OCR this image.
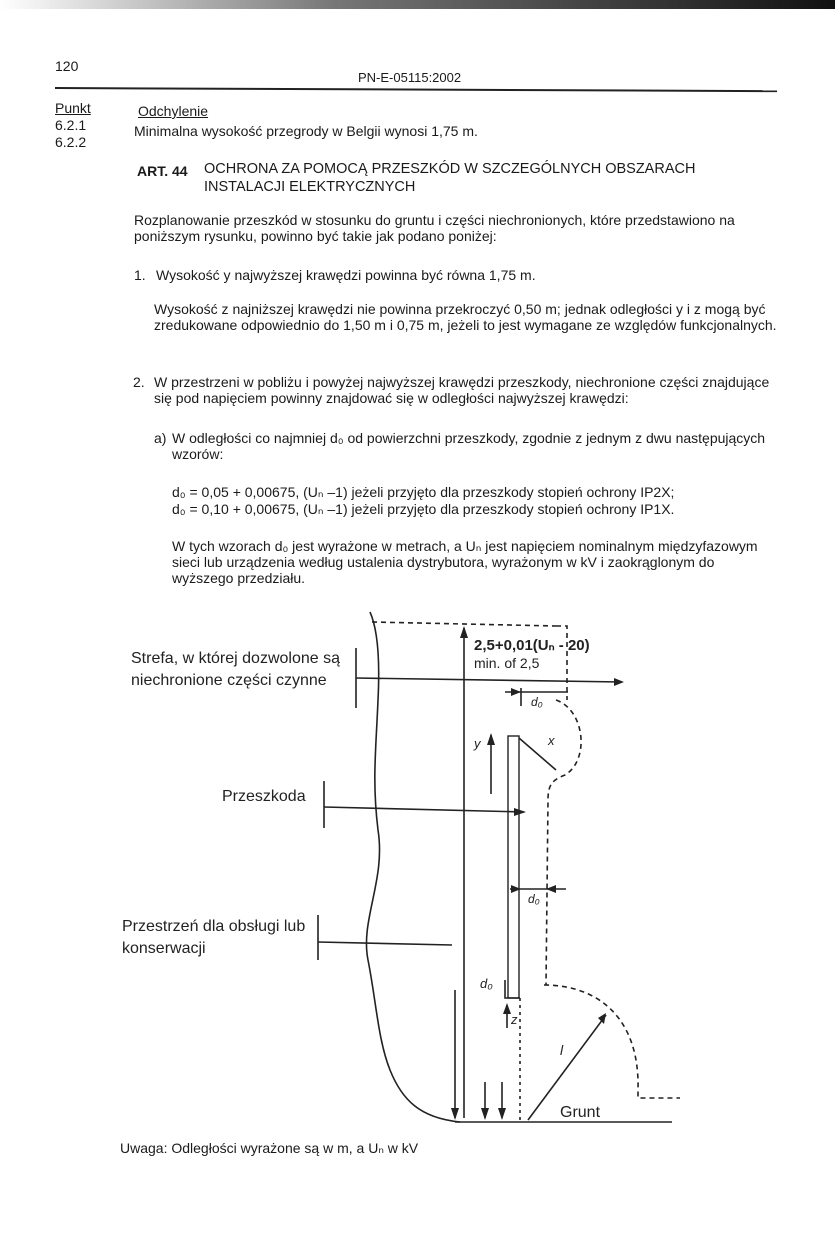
120
PN-E-05115:2002
Punkt
6.2.1
6.2.2
Odchylenie
Minimalna wysokość przegrody w Belgii wynosi 1,75 m.
ART. 44 OCHRONA ZA POMOCĄ PRZESZKÓD W SZCZEGÓLNYCH OBSZARACH INSTALACJI ELEKTRYCZNYCH
Rozplanowanie przeszkód w stosunku do gruntu i części niechronionych, które przedstawiono na poniższym rysunku, powinno być takie jak podano poniżej:
1. Wysokość y najwyższej krawędzi powinna być równa 1,75 m.
Wysokość z najniższej krawędzi nie powinna przekroczyć 0,50 m; jednak odległości y i z mogą być zredukowane odpowiednio do 1,50 m i 0,75 m, jeżeli to jest wymagane ze względów funkcjonalnych.
2. W przestrzeni w pobliżu i powyżej najwyższej krawędzi przeszkody, niechronione części znajdujące się pod napięciem powinny znajdować się w odległości najwyższej krawędzi:
a) W odległości co najmniej d₀ od powierzchni przeszkody, zgodnie z jednym z dwu następujących wzorów:
d₀ = 0,05 + 0,00675, (Uₙ –1) jeżeli przyjęto dla przeszkody stopień ochrony IP2X;
d₀ = 0,10 + 0,00675, (Uₙ –1) jeżeli przyjęto dla przeszkody stopień ochrony IP1X.
W tych wzorach d₀ jest wyrażone w metrach, a Uₙ jest napięciem nominalnym międzyfazowym sieci lub urządzenia według ustalenia dystrybutora, wyrażonym w kV i zaokrąglonym do wyższego przedziału.
2,5+0,01(Uₙ - 20)
min. of 2,5
d₀
d₀
d₀
y	x
z
l
Grunt
Strefa, w której dozwolone są niechronione części czynne
Przeszkoda
Przestrzeń dla obsługi lub konserwacji
Uwaga: Odległości wyrażone są w m, a Uₙ w kV
